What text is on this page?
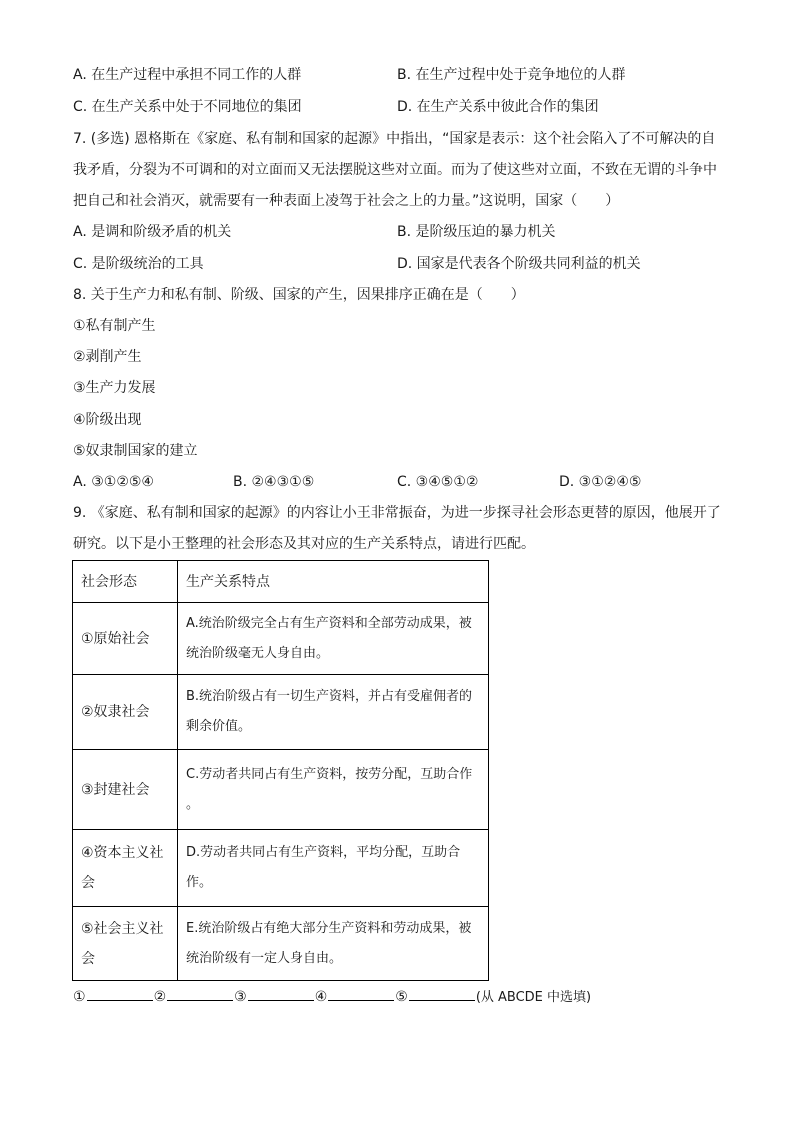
A. 在生产过程中承担不同工作的人群	B. 在生产过程中处于竞争地位的人群
C. 在生产关系中处于不同地位的集团	D. 在生产关系中彼此合作的集团
7. (多选) 恩格斯在《家庭、私有制和国家的起源》中指出，“国家是表示：这个社会陷入了不可解决的自我矛盾，分裂为不可调和的对立面而又无法摆脱这些对立面。而为了使这些对立面，不致在无谓的斗争中把自己和社会消灭，就需要有一种表面上凌驾于社会之上的力量。”这说明，国家（　　）
A. 是调和阶级矛盾的机关	B. 是阶级压迫的暴力机关
C. 是阶级统治的工具	D. 国家是代表各个阶级共同利益的机关
8. 关于生产力和私有制、阶级、国家的产生，因果排序正确在是（　　）
①私有制产生
②剥削产生
③生产力发展
④阶级出现
⑤奴隶制国家的建立
A. ③①②⑤④	B. ②④③①⑤	C. ③④⑤①②	D. ③①②④⑤
9. 《家庭、私有制和国家的起源》的内容让小王非常振奋，为进一步探寻社会形态更替的原因，他展开了研究。以下是小王整理的社会形态及其对应的生产关系特点，请进行匹配。
社会形态	生产关系特点
①原始社会	A.统治阶级完全占有生产资料和全部劳动成果，被统治阶级毫无人身自由。
②奴隶社会	B.统治阶级占有一切生产资料，并占有受雇佣者的剩余价值。
③封建社会	C.劳动者共同占有生产资料，按劳分配，互助合作 。
④资本主义社会	D.劳动者共同占有生产资料，平均分配，互助合作。
⑤社会主义社会	E.统治阶级占有绝大部分生产资料和劳动成果，被统治阶级有一定人身自由。
①	②	③	④	⑤	(从 ABCDE 中选填)
